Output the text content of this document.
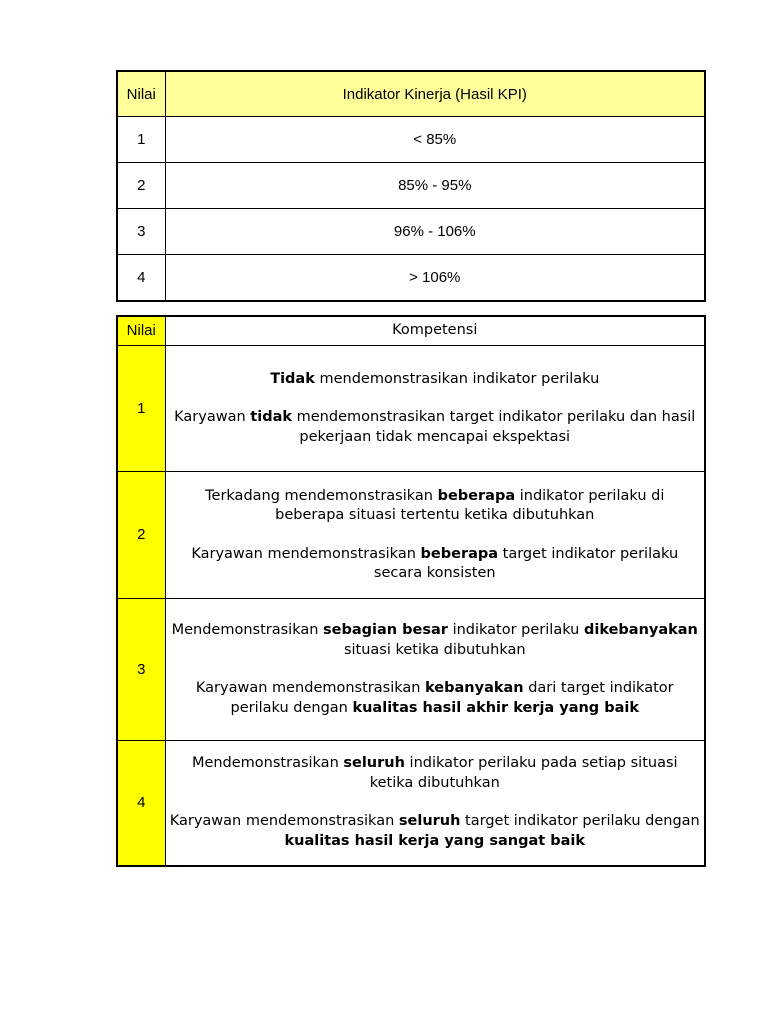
Nilai	Indikator Kinerja (Hasil KPI)
1	< 85%
2	85% - 95%
3	96% - 106%
4	> 106%
Nilai	Kompetensi
1	Tidak mendemonstrasikan indikator perilaku
Karyawan tidak mendemonstrasikan target indikator perilaku dan hasil pekerjaan tidak mencapai ekspektasi

2	Terkadang mendemonstrasikan beberapa indikator perilaku di beberapa situasi tertentu ketika dibutuhkan
Karyawan mendemonstrasikan beberapa target indikator perilaku secara konsisten

3	Mendemonstrasikan sebagian besar indikator perilaku dikebanyakan situasi ketika dibutuhkan
Karyawan mendemonstrasikan kebanyakan dari target indikator perilaku dengan kualitas hasil akhir kerja yang baik

4	Mendemonstrasikan seluruh indikator perilaku pada setiap situasi ketika dibutuhkan
Karyawan mendemonstrasikan seluruh target indikator perilaku dengan kualitas hasil kerja yang sangat baik
